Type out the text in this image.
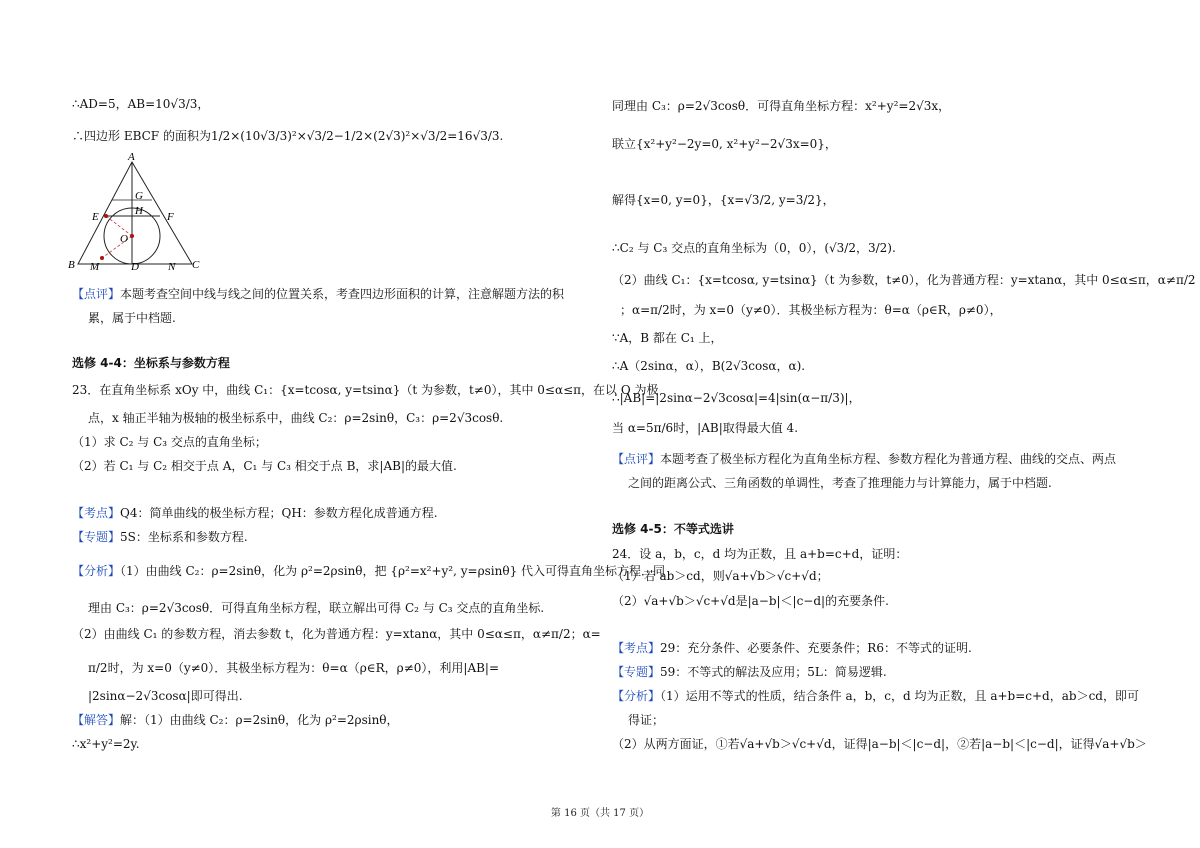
∴AD=5，AB=10√3/3，
∴四边形 EBCF 的面积为1/2×(10√3/3)²×√3/2−1/2×(2√3)²×√3/2=16√3/3.
A
G
E	F
O
H
B M	D	N C
【点评】本题考查空间中线与线之间的位置关系，考查四边形面积的计算，注意解题方法的积
累，属于中档题.
选修 4-4：坐标系与参数方程
23．在直角坐标系 xOy 中，曲线 C₁：{x=tcosα, y=tsinα}（t 为参数，t≠0），其中 0≤α≤π，在以 O 为极
点，x 轴正半轴为极轴的极坐标系中，曲线 C₂：ρ=2sinθ，C₃：ρ=2√3cosθ.
（1）求 C₂ 与 C₃ 交点的直角坐标；
（2）若 C₁ 与 C₂ 相交于点 A，C₁ 与 C₃ 相交于点 B，求|AB|的最大值.
【考点】Q4：简单曲线的极坐标方程；QH：参数方程化成普通方程.
【专题】5S：坐标系和参数方程.
【分析】（1）由曲线 C₂：ρ=2sinθ，化为 ρ²=2ρsinθ，把 {ρ²=x²+y², y=ρsinθ} 代入可得直角坐标方程．同
理由 C₃：ρ=2√3cosθ．可得直角坐标方程，联立解出可得 C₂ 与 C₃ 交点的直角坐标.
（2）由曲线 C₁ 的参数方程，消去参数 t，化为普通方程：y=xtanα，其中 0≤α≤π，α≠π/2；α=
π/2时，为 x=0（y≠0）．其极坐标方程为：θ=α（ρ∈R，ρ≠0），利用|AB|=
|2sinα−2√3cosα|即可得出.
【解答】解：（1）由曲线 C₂：ρ=2sinθ，化为 ρ²=2ρsinθ，
∴x²+y²=2y.
同理由 C₃：ρ=2√3cosθ．可得直角坐标方程：x²+y²=2√3x，
联立{x²+y²−2y=0, x²+y²−2√3x=0}，
解得{x=0, y=0}，{x=√3/2, y=3/2}，
∴C₂ 与 C₃ 交点的直角坐标为（0，0），(√3/2，3/2).
（2）曲线 C₁：{x=tcosα, y=tsinα}（t 为参数，t≠0），化为普通方程：y=xtanα，其中 0≤α≤π，α≠π/2
；α=π/2时，为 x=0（y≠0）．其极坐标方程为：θ=α（ρ∈R，ρ≠0），
∵A，B 都在 C₁ 上，
∴A（2sinα，α），B(2√3cosα，α).
∴|AB|=|2sinα−2√3cosα|=4|sin(α−π/3)|，
当 α=5π/6时，|AB|取得最大值 4.
【点评】本题考查了极坐标方程化为直角坐标方程、参数方程化为普通方程、曲线的交点、两点
之间的距离公式、三角函数的单调性，考查了推理能力与计算能力，属于中档题.
选修 4-5：不等式选讲
24．设 a，b，c，d 均为正数，且 a+b=c+d，证明：
（1）若 ab＞cd，则√a+√b＞√c+√d；
（2）√a+√b＞√c+√d是|a−b|＜|c−d|的充要条件.
【考点】29：充分条件、必要条件、充要条件；R6：不等式的证明.
【专题】59：不等式的解法及应用；5L：简易逻辑.
【分析】（1）运用不等式的性质，结合条件 a，b，c，d 均为正数，且 a+b=c+d，ab＞cd，即可
得证；
（2）从两方面证，①若√a+√b＞√c+√d，证得|a−b|＜|c−d|，②若|a−b|＜|c−d|，证得√a+√b＞
第 16 页（共 17 页）
